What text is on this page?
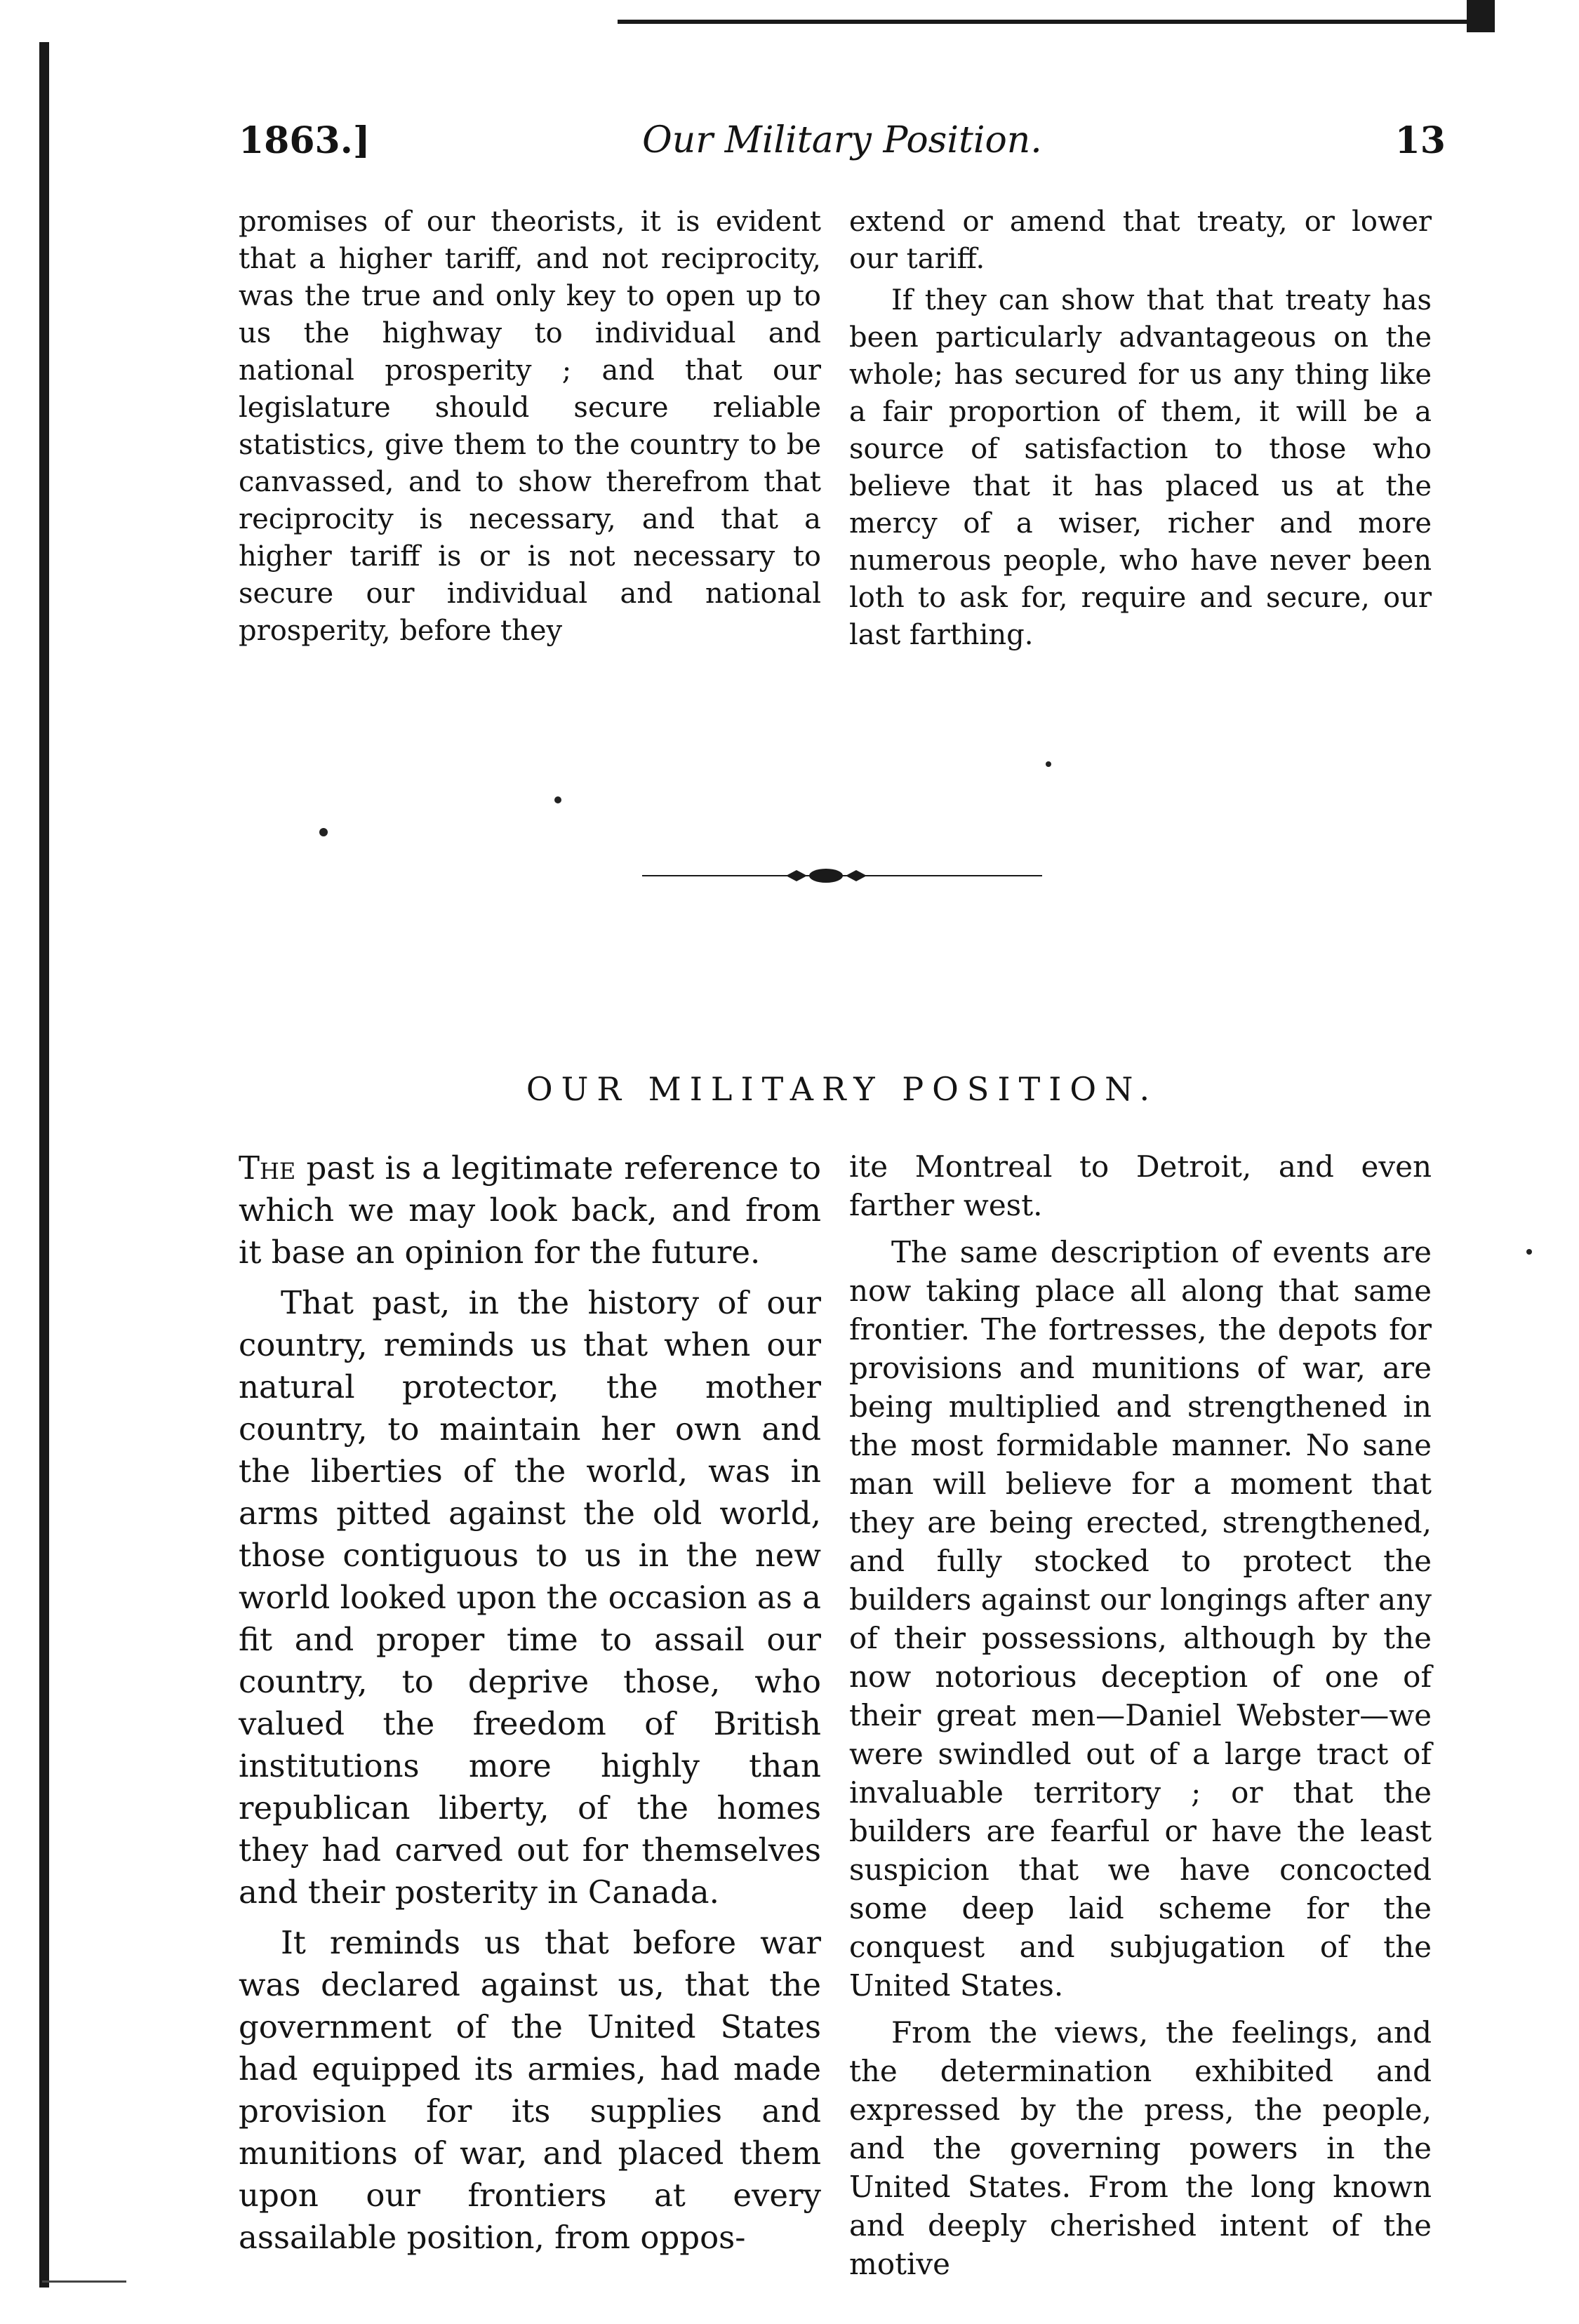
1863.]	Our Military Position.	13

promises of our theorists, it is evident that a higher tariff, and not reciprocity, was the true and only key to open up to us the highway to individual and national prosperity ; and that our legislature should secure reliable statistics, give them to the country to be canvassed, and to show therefrom that reciprocity is necessary, and that a higher tariff is or is not necessary to secure our individual and national prosperity, before they

extend or amend that treaty, or lower our tariff.

If they can show that that treaty has been particularly advantageous on the whole; has secured for us any thing like a fair proportion of them, it will be a source of satisfaction to those who believe that it has placed us at the mercy of a wiser, richer and more numerous people, who have never been loth to ask for, require and secure, our last farthing.

OUR MILITARY POSITION.

The past is a legitimate reference to which we may look back, and from it base an opinion for the future.

That past, in the history of our country, reminds us that when our natural protector, the mother country, to maintain her own and the liberties of the world, was in arms pitted against the old world, those contiguous to us in the new world looked upon the occasion as a fit and proper time to assail our country, to deprive those, who valued the freedom of British institutions more highly than republican liberty, of the homes they had carved out for themselves and their posterity in Canada.

It reminds us that before war was declared against us, that the government of the United States had equipped its armies, had made provision for its supplies and munitions of war, and placed them upon our frontiers at every assailable position, from oppos-

ite Montreal to Detroit, and even farther west.

The same description of events are now taking place all along that same frontier. The fortresses, the depots for provisions and munitions of war, are being multiplied and strengthened in the most formidable manner. No sane man will believe for a moment that they are being erected, strengthened, and fully stocked to protect the builders against our longings after any of their possessions, although by the now notorious deception of one of their great men—Daniel Webster—we were swindled out of a large tract of invaluable territory ; or that the builders are fearful or have the least suspicion that we have concocted some deep laid scheme for the conquest and subjugation of the United States.

From the views, the feelings, and the determination exhibited and expressed by the press, the people, and the governing powers in the United States. From the long known and deeply cherished intent of the motive
